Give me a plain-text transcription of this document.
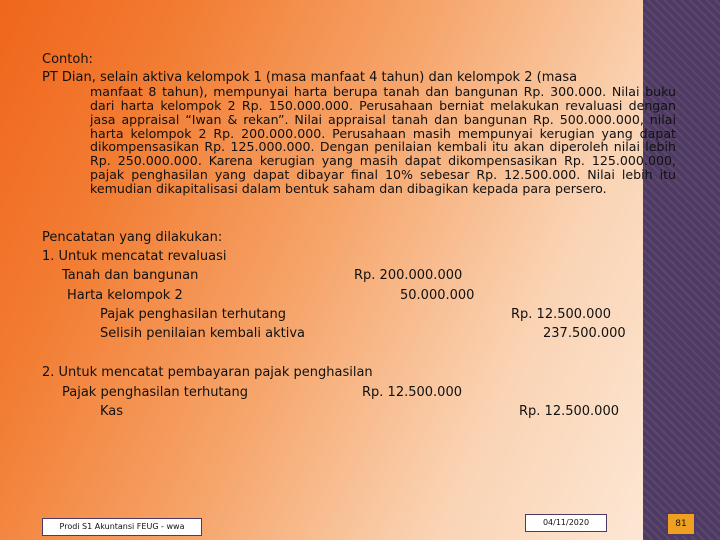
Contoh:
PT Dian, selain aktiva kelompok 1 (masa manfaat 4 tahun) dan kelompok 2 (masa
manfaat 8 tahun), mempunyai harta berupa tanah dan bangunan Rp. 300.000. Nilai buku dari harta kelompok 2 Rp. 150.000.000. Perusahaan berniat melakukan revaluasi dengan jasa appraisal “Iwan & rekan”. Nilai appraisal tanah dan bangunan Rp. 500.000.000, nilai harta kelompok 2 Rp. 200.000.000. Perusahaan masih mempunyai kerugian yang dapat dikompensasikan Rp. 125.000.000. Dengan penilaian kembali itu akan diperoleh nilai lebih Rp. 250.000.000. Karena kerugian yang masih dapat dikompensasikan Rp. 125.000.000, pajak penghasilan yang dapat dibayar final 10% sebesar Rp. 12.500.000. Nilai lebih itu kemudian dikapitalisasi dalam bentuk saham dan dibagikan kepada para persero.
Pencatatan yang dilakukan:
1. Untuk mencatat revaluasi
Tanah dan bangunan	Rp. 200.000.000
Harta kelompok 2	50.000.000
Pajak penghasilan terhutang	Rp. 12.500.000
Selisih penilaian kembali aktiva	237.500.000
2. Untuk mencatat pembayaran pajak penghasilan
Pajak penghasilan terhutang	Rp. 12.500.000
Kas	Rp. 12.500.000
Prodi S1 Akuntansi FEUG - wwa	04/11/2020	81
